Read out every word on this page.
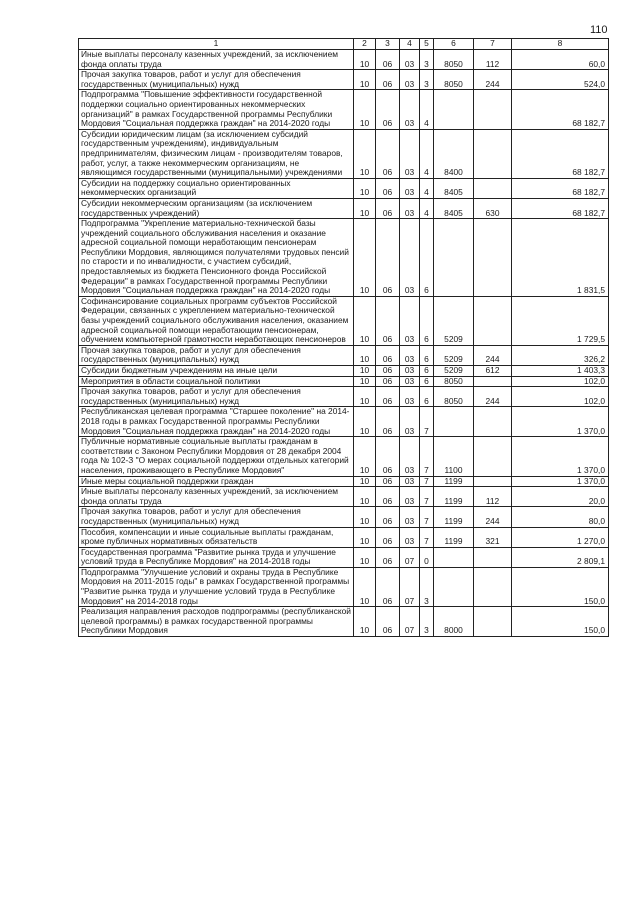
110
1	2	3	4	5	6	7	8
Иные выплаты персоналу казенных учреждений, за исключением фонда оплаты труда	10	06	03	3	8050	112	60,0
Прочая закупка товаров, работ и услуг для обеспечения государственных (муниципальных) нужд	10	06	03	3	8050	244	524,0
Подпрограмма "Повышение эффективности государственной поддержки социально ориентированных некоммерческих организаций" в рамках Государственной программы Республики Мордовия "Социальная поддержка граждан" на 2014-2020 годы	10	06	03	4			68 182,7
Субсидии юридическим лицам (за исключением субсидий государственным учреждениям), индивидуальным предпринимателям, физическим лицам - производителям товаров, работ, услуг, а также некоммерческим организациям, не являющимся государственными (муниципальными) учреждениями	10	06	03	4	8400		68 182,7
Субсидии на поддержку социально ориентированных некоммерческих организаций	10	06	03	4	8405		68 182,7
Субсидии некоммерческим организациям (за исключением государственных учреждений)	10	06	03	4	8405	630	68 182,7
Подпрограмма "Укрепление материально-технической базы учреждений социального обслуживания населения и оказание адресной социальной помощи неработающим пенсионерам Республики Мордовия, являющимся получателями трудовых пенсий по старости и по инвалидности, с участием субсидий, предоставляемых из бюджета Пенсионного фонда Российской Федерации" в рамках Государственной программы Республики Мордовия "Социальная поддержка граждан" на 2014-2020 годы	10	06	03	6			1 831,5
Софинансирование социальных программ субъектов Российской Федерации, связанных с укреплением материально-технической базы учреждений социального обслуживания населения, оказанием адресной социальной помощи неработающим пенсионерам, обучением компьютерной грамотности неработающих пенсионеров	10	06	03	6	5209		1 729,5
Прочая закупка товаров, работ и услуг для обеспечения государственных (муниципальных) нужд	10	06	03	6	5209	244	326,2
Субсидии бюджетным учреждениям на иные цели	10	06	03	6	5209	612	1 403,3
Мероприятия в области социальной политики	10	06	03	6	8050		102,0
Прочая закупка товаров, работ и услуг для обеспечения государственных (муниципальных) нужд	10	06	03	6	8050	244	102,0
Республиканская целевая программа "Старшее поколение" на 2014-2018 годы в рамках Государственной программы Республики Мордовия "Социальная поддержка граждан" на 2014-2020 годы	10	06	03	7			1 370,0
Публичные нормативные социальные выплаты гражданам в соответствии с Законом Республики Мордовия от 28 декабря 2004 года № 102-З "О мерах социальной поддержки отдельных категорий населения, проживающего в Республике Мордовия"	10	06	03	7	1100		1 370,0
Иные меры социальной поддержки граждан	10	06	03	7	1199		1 370,0
Иные выплаты персоналу казенных учреждений, за исключением фонда оплаты труда	10	06	03	7	1199	112	20,0
Прочая закупка товаров, работ и услуг для обеспечения государственных (муниципальных) нужд	10	06	03	7	1199	244	80,0
Пособия, компенсации и иные социальные выплаты гражданам, кроме публичных нормативных обязательств	10	06	03	7	1199	321	1 270,0
Государственная программа "Развитие рынка труда и улучшение условий труда в Республике Мордовия" на 2014-2018 годы	10	06	07	0			2 809,1
Подпрограмма "Улучшение условий и охраны труда в Республике Мордовия на 2011-2015 годы" в рамках Государственной программы "Развитие рынка труда и улучшение условий труда в Республике Мордовия" на 2014-2018 годы	10	06	07	3			150,0
Реализация направления расходов подпрограммы (республиканской целевой программы) в рамках государственной программы Республики Мордовия	10	06	07	3	8000		150,0
